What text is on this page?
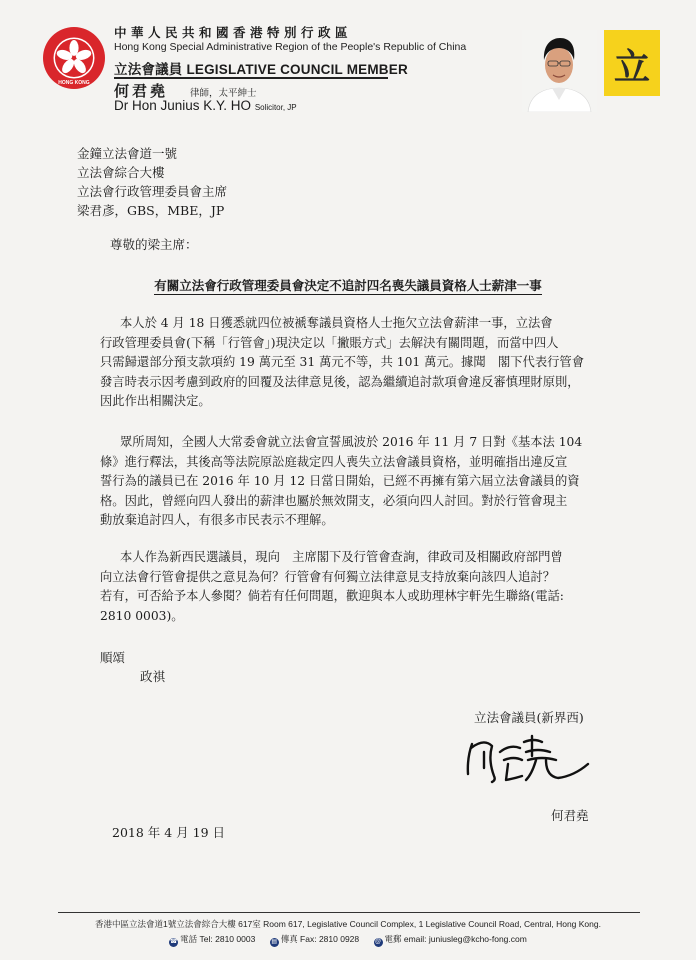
HONG KONG
中華人民共和國香港特別行政區
Hong Kong Special Administrative Region of the People's Republic of China
立法會議員 LEGISLATIVE COUNCIL MEMBER
何君堯 律師，太平紳士
Dr Hon Junius K.Y. HO Solicitor, JP
立
金鐘立法會道一號
立法會綜合大樓
立法會行政管理委員會主席
梁君彥，GBS，MBE，JP
尊敬的梁主席：
有關立法會行政管理委員會決定不追討四名喪失議員資格人士薪津一事
本人於 4 月 18 日獲悉就四位被褫奪議員資格人士拖欠立法會薪津一事，立法會
行政管理委員會(下稱「行管會」)現決定以「撇賬方式」去解決有關問題，而當中四人
只需歸還部分預支款項約 19 萬元至 31 萬元不等，共 101 萬元。據聞　閣下代表行管會
發言時表示因考慮到政府的回覆及法律意見後，認為繼續追討款項會違反審慎理財原則，
因此作出相關決定。
眾所周知，全國人大常委會就立法會宣誓風波於 2016 年 11 月 7 日對《基本法 104
條》進行釋法，其後高等法院原訟庭裁定四人喪失立法會議員資格，並明確指出違反宣
誓行為的議員已在 2016 年 10 月 12 日當日開始，已經不再擁有第六屆立法會議員的資
格。因此，曾經向四人發出的薪津也屬於無效開支，必須向四人討回。對於行管會現主
動放棄追討四人，有很多市民表示不理解。
本人作為新西民選議員，現向　主席閣下及行管會查詢，律政司及相關政府部門曾
向立法會行管會提供之意見為何？行管會有何獨立法律意見支持放棄向該四人追討？
若有，可否給予本人參閱？倘若有任何問題，歡迎與本人或助理林宇軒先生聯絡(電話:
2810 0003)。
順頌
政祺
立法會議員(新界西)
何君堯
2018 年 4 月 19 日
香港中區立法會道1號立法會綜合大樓 617室 Room 617, Legislative Council Complex, 1 Legislative Council Road, Central, Hong Kong.
☎ 電話 Tel: 2810 0003	▤ 傳真 Fax: 2810 0928	@ 電郵 email: juniusleg@kcho-fong.com
